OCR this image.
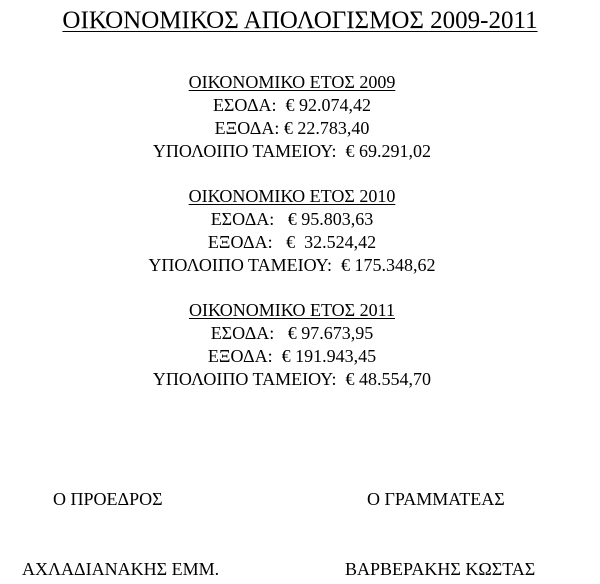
ΟΙΚΟΝΟΜΙΚΟΣ ΑΠΟΛΟΓΙΣΜΟΣ 2009-2011
ΟΙΚΟΝΟΜΙΚΟ ΕΤΟΣ 2009
ΕΣΟΔΑ:  € 92.074,42
ΕΞΟΔΑ: € 22.783,40
ΥΠΟΛΟΙΠΟ ΤΑΜΕΙΟΥ:  € 69.291,02
ΟΙΚΟΝΟΜΙΚΟ ΕΤΟΣ 2010
ΕΣΟΔΑ:   € 95.803,63
ΕΞΟΔΑ:   €  32.524,42
ΥΠΟΛΟΙΠΟ ΤΑΜΕΙΟΥ:  € 175.348,62
ΟΙΚΟΝΟΜΙΚΟ ΕΤΟΣ 2011
ΕΣΟΔΑ:   € 97.673,95
ΕΞΟΔΑ:  € 191.943,45
ΥΠΟΛΟΙΠΟ ΤΑΜΕΙΟΥ:  € 48.554,70
Ο ΠΡΟΕΔΡΟΣ	Ο ΓΡΑΜΜΑΤΕΑΣ
ΑΧΛΑΔΙΑΝΑΚΗΣ ΕΜΜ.	ΒΑΡΒΕΡΑΚΗΣ ΚΩΣΤΑΣ
